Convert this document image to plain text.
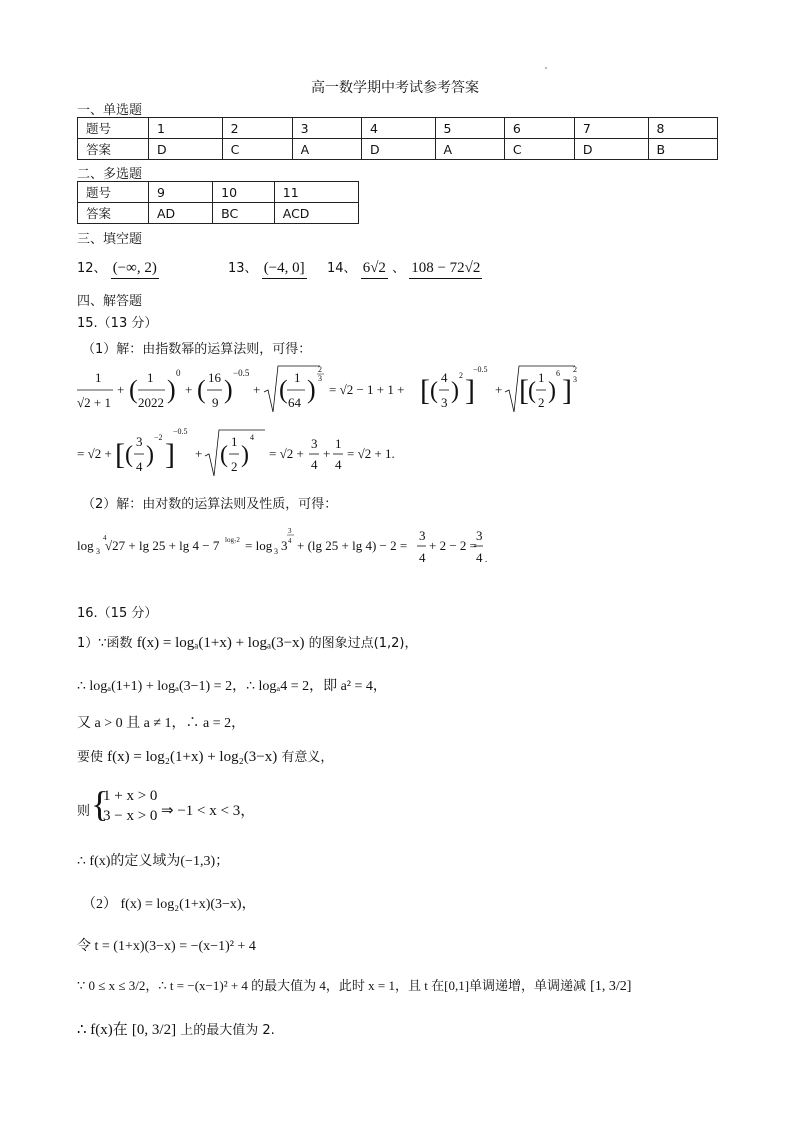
高一数学期中考试参考答案
一、单选题
题号	1	2	3	4	5	6	7	8
答案	D	C	A	D	A	C	D	B
二、多选题
题号	9	10	11
答案	AD	BC	ACD
三、填空题
12、 (−∞, 2)	13、 (−4, 0] 14、 6√2 、 108 − 72√2
四、解答题
15.（13 分）
（1）解：由指数幂的运算法则，可得：
1
√2 + 1
+ ( 1
2022 )
0
+ ( 16
9 )
−0.5
+ ( 1
64 )
2
3
= √2 − 1 + 1 + [ (
4
3 )
2 ]
−0.5
+ [ (
1
2 )
6
]
2
3
= √2 + [ (
3
4 )
−2
]
−0.5
+ (
1
2 )
4
= √2 +
3
4
+
1
4
= √2 + 1.
（2）解：由对数的运算法则及性质，可得：
log 3
4
√27 + lg 25 + lg 4 − 7 log₇2 = log 3 3
3
4 + (lg 25 + lg 4) − 2 =
3
4
+ 2 − 2 =
3
4 .
16.（15 分）
1）∵函数 f(x) = logₐ(1+x) + logₐ(3−x) 的图象过点(1,2)，
∴ logₐ(1+1) + logₐ(3−1) = 2，∴ logₐ4 = 2，即 a² = 4，
又 a > 0 且 a ≠ 1，∴ a = 2，
要使 f(x) = log₂(1+x) + log₂(3−x) 有意义，
则 {
1 + x > 0
3 − x > 0 ⇒ −1 < x < 3，
∴ f(x)的定义域为(−1,3)；
（2） f(x) = log₂(1+x)(3−x)，
令 t = (1+x)(3−x) = −(x−1)² + 4
∵ 0 ≤ x ≤ 3/2，∴ t = −(x−1)² + 4 的最大值为 4，此时 x = 1，且 t 在[0,1]单调递增，单调递减 [1, 3/2]
∴ f(x)在 [0, 3/2] 上的最大值为 2.
